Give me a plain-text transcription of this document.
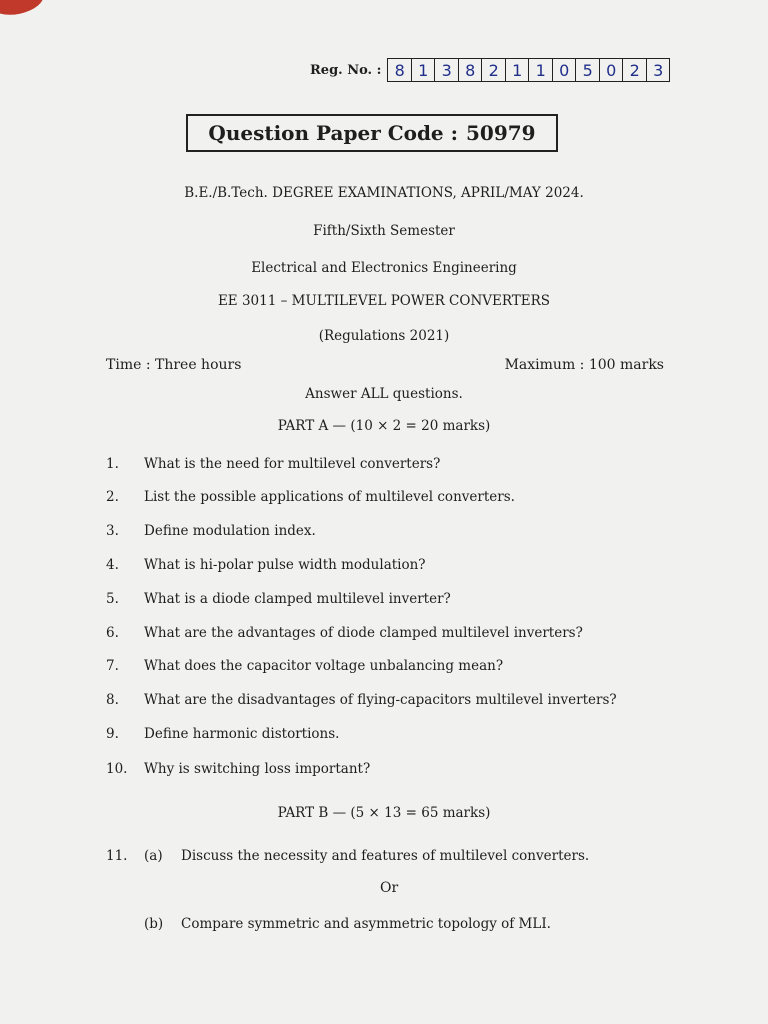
Reg. No. : 8 1 3 8 2 1 1 0 5 0 2 3
Question Paper Code : 50979
B.E./B.Tech. DEGREE EXAMINATIONS, APRIL/MAY 2024.
Fifth/Sixth Semester
Electrical and Electronics Engineering
EE 3011 – MULTILEVEL POWER CONVERTERS
(Regulations 2021)
Time : Three hours	Maximum : 100 marks
Answer ALL questions.
PART A — (10 × 2 = 20 marks)
1.	What is the need for multilevel converters?
2.	List the possible applications of multilevel converters.
3.	Define modulation index.
4.	What is hi-polar pulse width modulation?
5.	What is a diode clamped multilevel inverter?
6.	What are the advantages of diode clamped multilevel inverters?
7.	What does the capacitor voltage unbalancing mean?
8.	What are the disadvantages of flying-capacitors multilevel inverters?
9.	Define harmonic distortions.
10.	Why is switching loss important?
PART B — (5 × 13 = 65 marks)
11.	(a)	Discuss the necessity and features of multilevel converters.
Or
(b)	Compare symmetric and asymmetric topology of MLI.
